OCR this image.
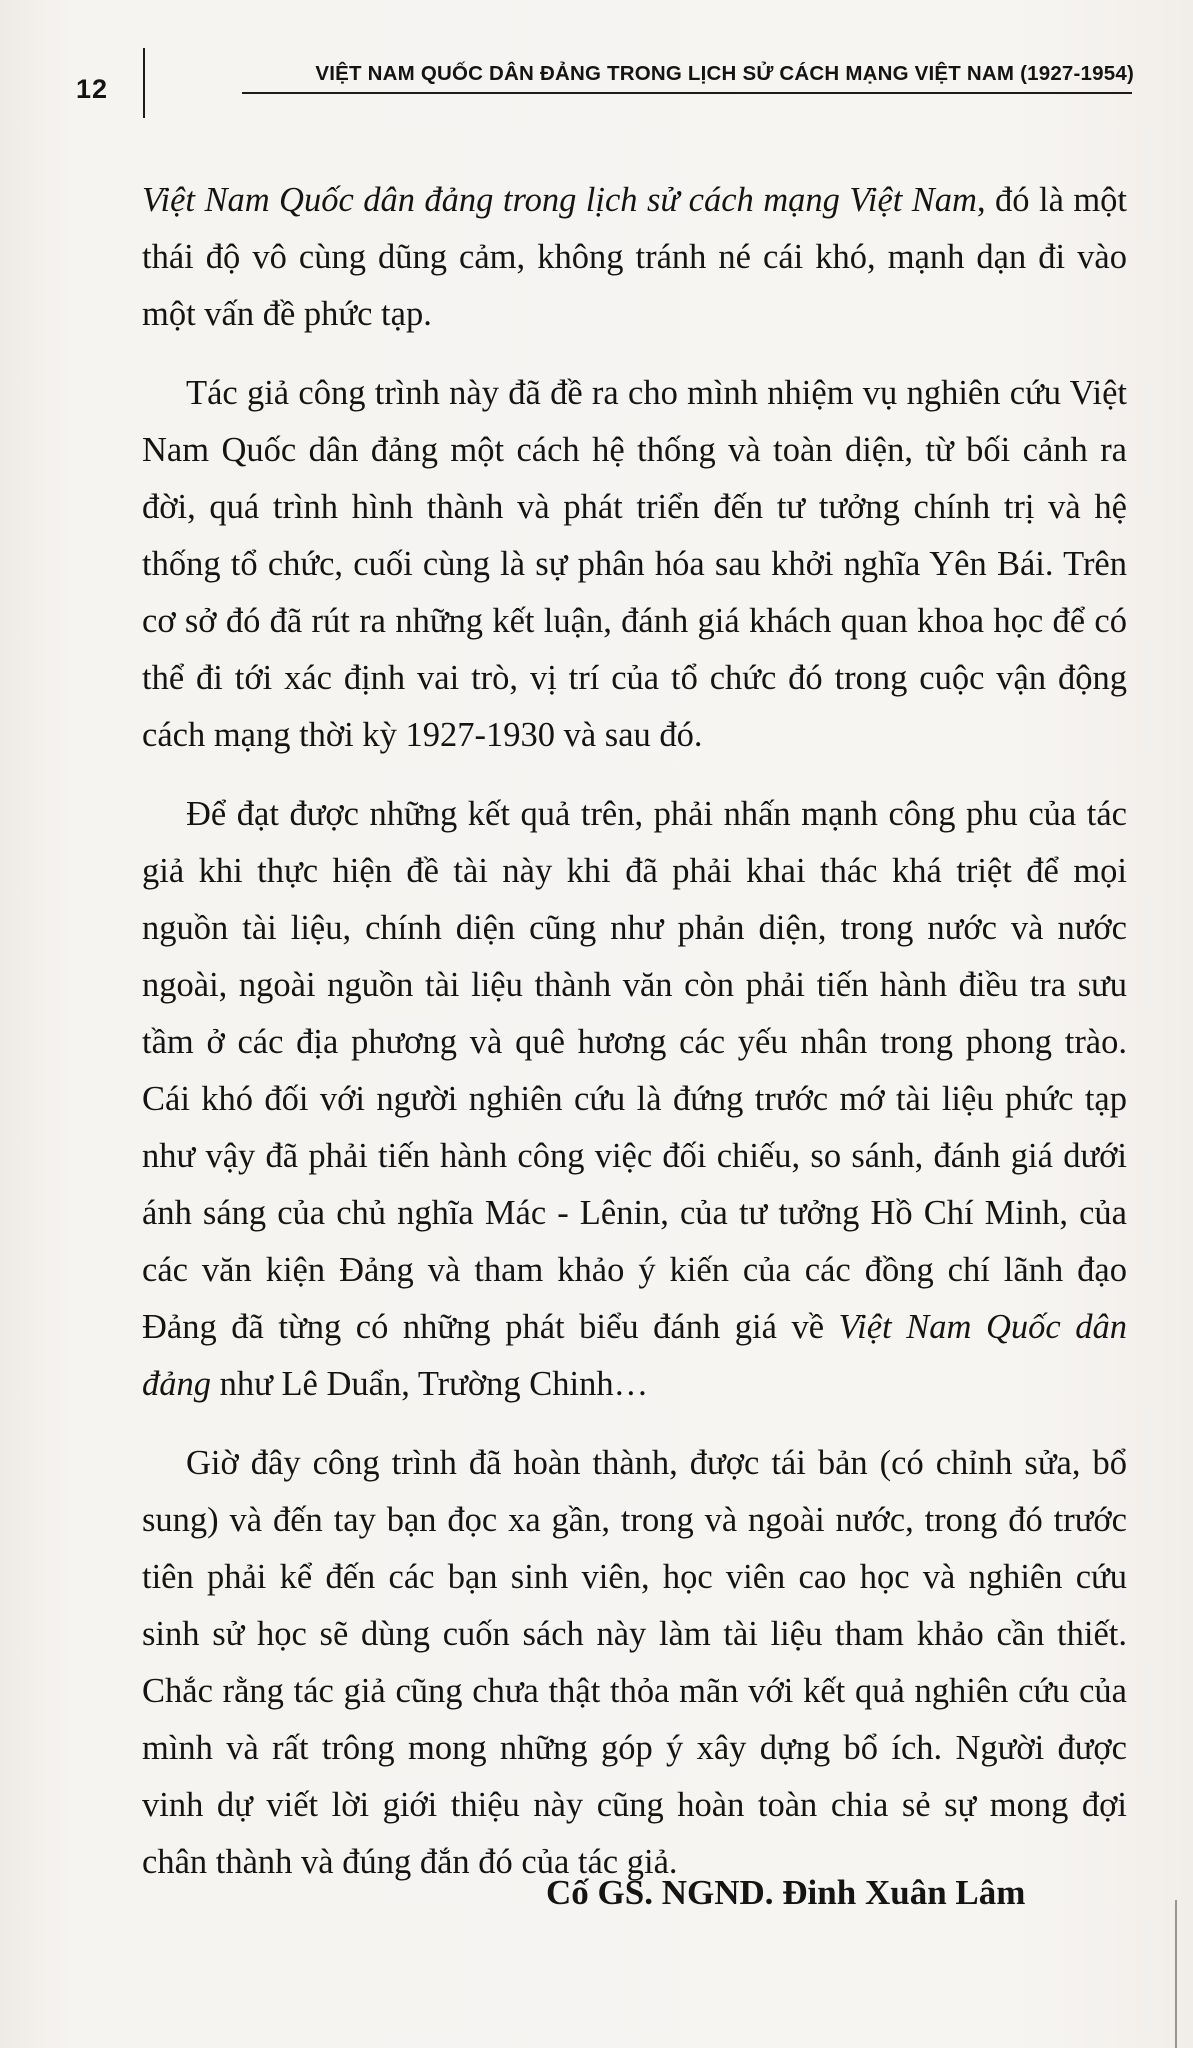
12
VIỆT NAM QUỐC DÂN ĐẢNG TRONG LỊCH SỬ CÁCH MẠNG VIỆT NAM (1927-1954)

Việt Nam Quốc dân đảng trong lịch sử cách mạng Việt Nam, đó là một thái độ vô cùng dũng cảm, không tránh né cái khó, mạnh dạn đi vào một vấn đề phức tạp.

Tác giả công trình này đã đề ra cho mình nhiệm vụ nghiên cứu Việt Nam Quốc dân đảng một cách hệ thống và toàn diện, từ bối cảnh ra đời, quá trình hình thành và phát triển đến tư tưởng chính trị và hệ thống tổ chức, cuối cùng là sự phân hóa sau khởi nghĩa Yên Bái. Trên cơ sở đó đã rút ra những kết luận, đánh giá khách quan khoa học để có thể đi tới xác định vai trò, vị trí của tổ chức đó trong cuộc vận động cách mạng thời kỳ 1927-1930 và sau đó.

Để đạt được những kết quả trên, phải nhấn mạnh công phu của tác giả khi thực hiện đề tài này khi đã phải khai thác khá triệt để mọi nguồn tài liệu, chính diện cũng như phản diện, trong nước và nước ngoài, ngoài nguồn tài liệu thành văn còn phải tiến hành điều tra sưu tầm ở các địa phương và quê hương các yếu nhân trong phong trào. Cái khó đối với người nghiên cứu là đứng trước mớ tài liệu phức tạp như vậy đã phải tiến hành công việc đối chiếu, so sánh, đánh giá dưới ánh sáng của chủ nghĩa Mác - Lênin, của tư tưởng Hồ Chí Minh, của các văn kiện Đảng và tham khảo ý kiến của các đồng chí lãnh đạo Đảng đã từng có những phát biểu đánh giá về Việt Nam Quốc dân đảng như Lê Duẩn, Trường Chinh…

Giờ đây công trình đã hoàn thành, được tái bản (có chỉnh sửa, bổ sung) và đến tay bạn đọc xa gần, trong và ngoài nước, trong đó trước tiên phải kể đến các bạn sinh viên, học viên cao học và nghiên cứu sinh sử học sẽ dùng cuốn sách này làm tài liệu tham khảo cần thiết. Chắc rằng tác giả cũng chưa thật thỏa mãn với kết quả nghiên cứu của mình và rất trông mong những góp ý xây dựng bổ ích. Người được vinh dự viết lời giới thiệu này cũng hoàn toàn chia sẻ sự mong đợi chân thành và đúng đắn đó của tác giả.

Cố GS. NGND. Đinh Xuân Lâm
